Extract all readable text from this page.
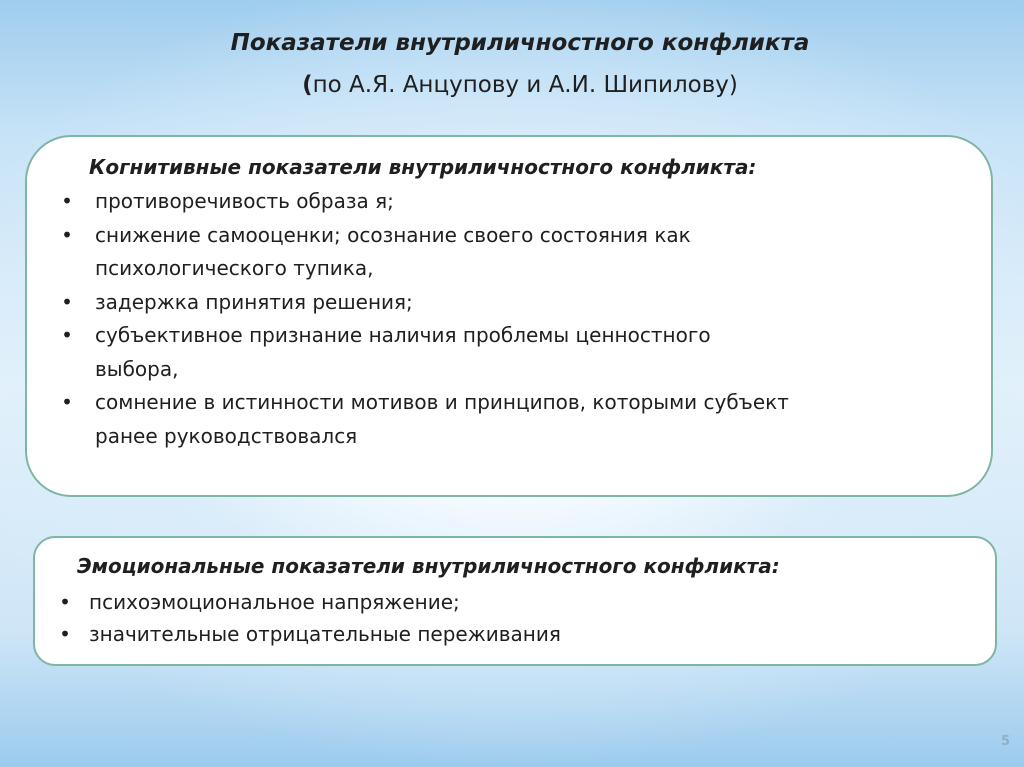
Показатели внутриличностного конфликта

(по А.Я. Анцупову и А.И. Шипилову)

Когнитивные показатели внутриличностного конфликта:
• противоречивость образа я;
• снижение самооценки; осознание своего состояния как
психологического тупика,
• задержка принятия решения;
• субъективное признание наличия проблемы ценностного
выбора,
• сомнение в истинности мотивов и принципов, которыми субъект
ранее руководствовался
Эмоциональные показатели внутриличностного конфликта:
• психоэмоциональное напряжение;
• значительные отрицательные переживания
5
